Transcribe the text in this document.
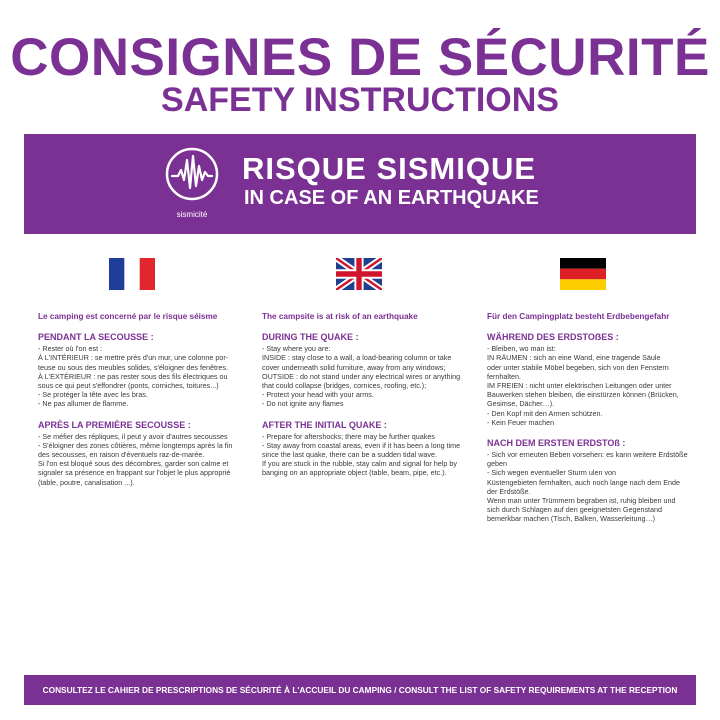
CONSIGNES DE SÉCURITÉ
SAFETY INSTRUCTIONS
sismicité
RISQUE SISMIQUE
IN CASE OF AN EARTHQUAKE
Le camping est concerné par le risque séisme
PENDANT LA SECOUSSE :
- Rester où l'on est :
À L'INTÉRIEUR : se mettre près d'un mur, une colonne por-
teuse ou sous des meubles solides, s'éloigner des fenêtres.
À L'EXTÉRIEUR : ne pas rester sous des fils électriques ou
sous ce qui peut s'effondrer (ponts, corniches, toitures...)
- Se protéger la tête avec les bras.
- Ne pas allumer de flamme.
APRÈS LA PREMIÈRE SECOUSSE :
- Se méfier des répliques, il peut y avoir d'autres secousses
- S'éloigner des zones côtières, même longtemps après la fin
des secousses, en raison d'éventuels raz-de-marée.
Si l'on est bloqué sous des décombres, garder son calme et
signaler sa présence en frappant sur l'objet le plus approprié
(table, poutre, canalisation ...).
The campsite is at risk of an earthquake
DURING THE QUAKE :
- Stay where you are:
INSIDE : stay close to a wall, a load-bearing column or take
cover underneath solid furniture, away from any windows;
OUTSIDE : do not stand under any electrical wires or anything
that could collapse (bridges, cornices, roofing, etc.);
- Protect your head with your arms.
- Do not ignite any flames
AFTER THE INITIAL QUAKE :
- Prepare for aftershocks; there may be further quakes
- Stay away from coastal areas, even if it has been a long time
since the last quake, there can be a sudden tidal wave.
If you are stuck in the rubble, stay calm and signal for help by
banging on an appropriate object (table, beam, pipe, etc.).
Für den Campingplatz besteht Erdbebengefahr
WÄHREND DES ERDSTOẞES :
- Bleiben, wo man ist:
IN RÄUMEN : sich an eine Wand, eine tragende Säule
oder unter stabile Möbel begeben, sich von den Fenstern
fernhalten.
IM FREIEN : nicht unter elektrischen Leitungen oder unter
Bauwerken stehen bleiben, die einstürzen können (Brücken,
Gesimse, Dächer…).
- Den Kopf mit den Armen schützen.
- Kein Feuer machen
NACH DEM ERSTEN ERDSTOß :
- Sich vor erneuten Beben vorsehen: es kann weitere Erdstöße
geben
- Sich wegen eventueller Sturm ulen von
Küstengebieten fernhalten, auch noch lange nach dem Ende
der Erdstöße.
Wenn man unter Trümmern begraben ist, ruhig bleiben und
sich durch Schlagen auf den geeignetsten Gegenstand
bemerkbar machen (Tisch, Balken, Wasserleitung…)
CONSULTEZ LE CAHIER DE PRESCRIPTIONS DE SÉCURITÉ À L'ACCUEIL DU CAMPING / CONSULT THE LIST OF SAFETY REQUIREMENTS AT THE RECEPTION
